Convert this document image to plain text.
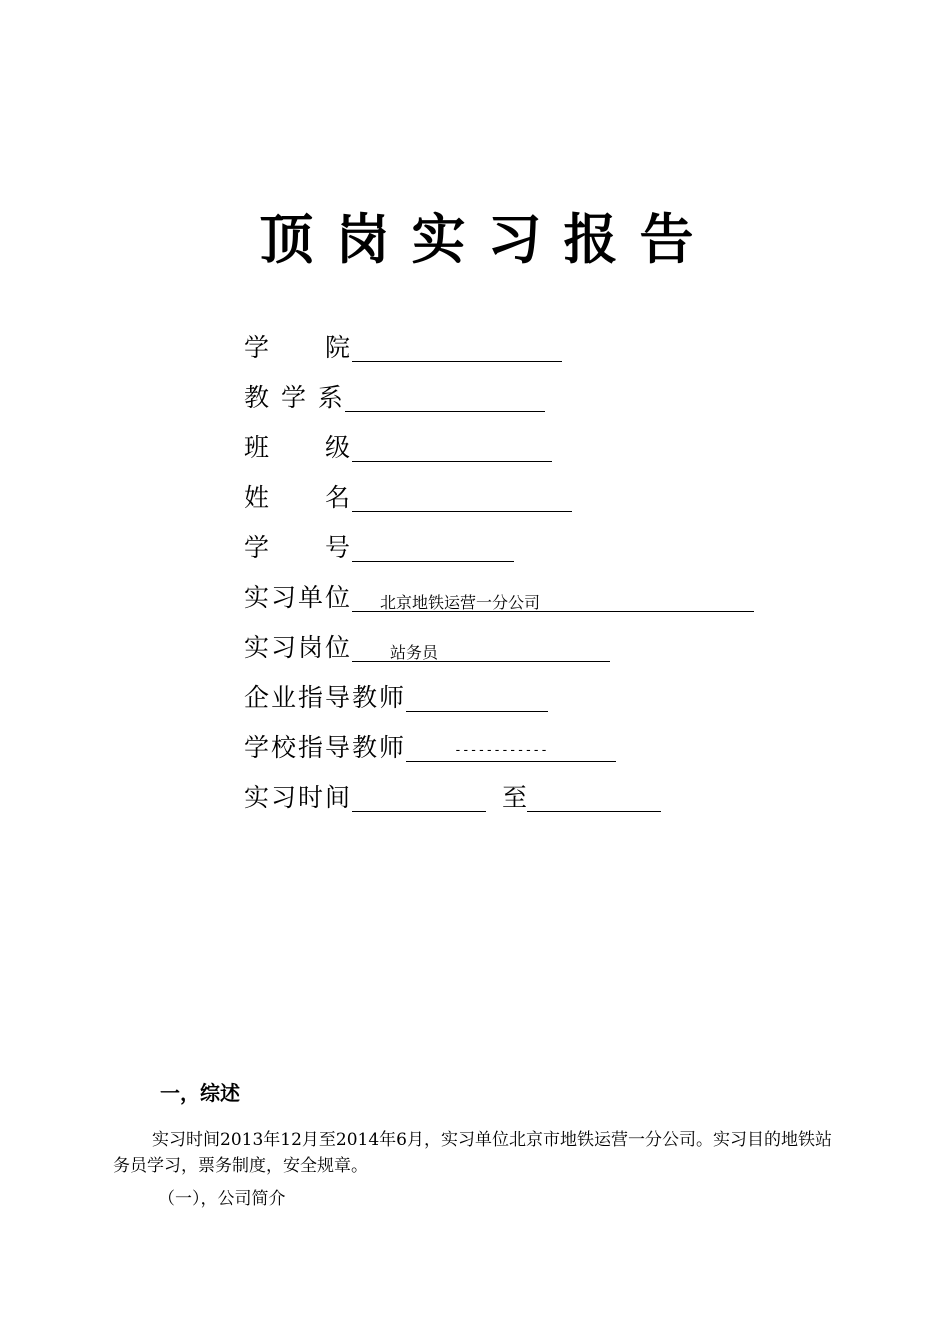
顶岗实习报告
学　　院
教 学 系
班　　级
姓　　名
学　　号
实习单位 北京地铁运营一分公司
实习岗位 站务员
企业指导教师
学校指导教师	------------
实习时间	至
一，综述

实习时间2013年12月至2014年6月，实习单位北京市地铁运营一分公司。实习目的地铁站务员学习，票务制度，安全规章。

（一），公司简介
